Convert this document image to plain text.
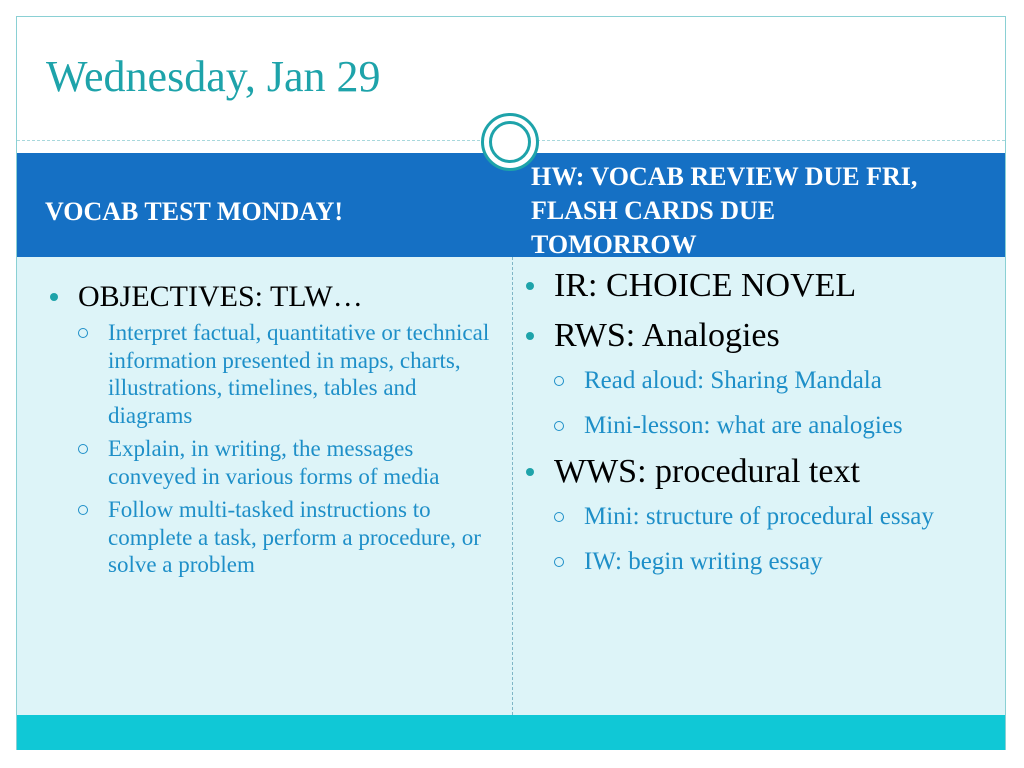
Wednesday, Jan 29
VOCAB TEST MONDAY!
HW: VOCAB REVIEW DUE FRI,
FLASH CARDS DUE
TOMORROW
OBJECTIVES: TLW…
Interpret factual, quantitative or technical information presented in maps, charts, illustrations, timelines, tables and diagrams
Explain, in writing, the messages conveyed in various forms of media
Follow multi-tasked instructions to complete a task, perform a procedure, or solve a problem
IR: CHOICE NOVEL
RWS: Analogies
Read aloud: Sharing Mandala
Mini-lesson: what are analogies
WWS: procedural text
Mini: structure of procedural essay
IW: begin writing essay
